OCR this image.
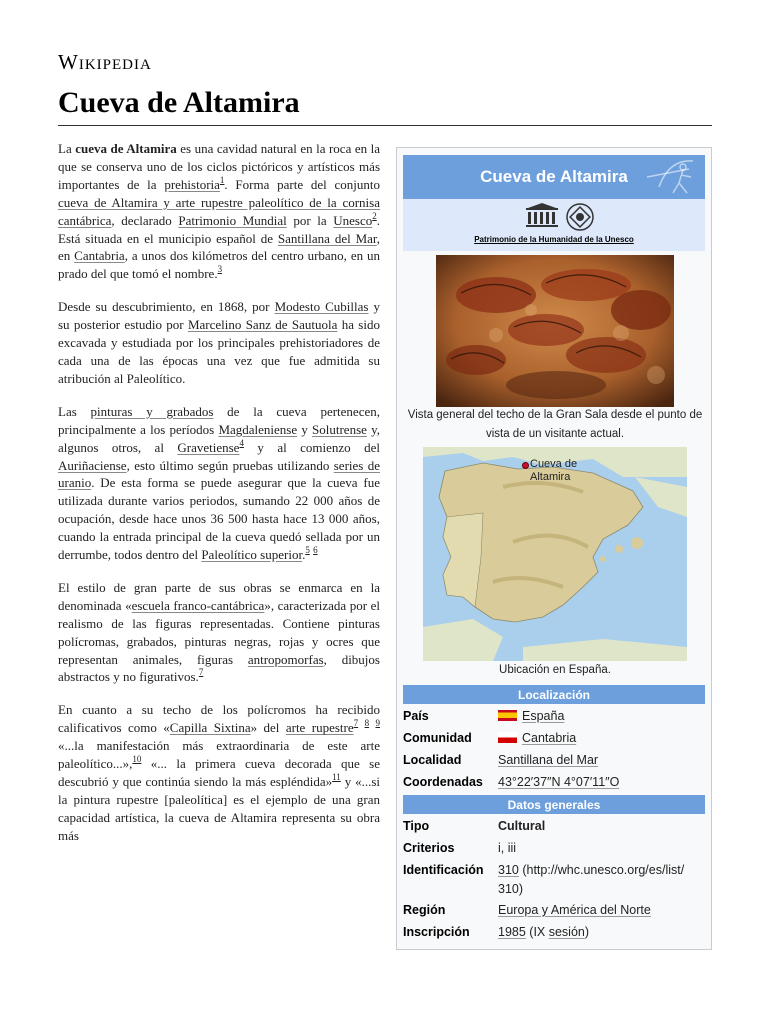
Wikipedia
Cueva de Altamira

La cueva de Altamira es una cavidad natural en la roca en la que se conserva uno de los ciclos pictóricos y artísticos más importantes de la prehistoria$^1$. Forma parte del conjunto cueva de Altamira y arte rupestre paleolítico de la cornisa cantábrica, declarado Patrimonio Mundial por la Unesco$^2$. Está situada en el municipio español de Santillana del Mar, en Cantabria, a unos dos kilómetros del centro urbano, en un prado del que tomó el nombre.$^3$

Desde su descubrimiento, en 1868, por Modesto Cubillas y su posterior estudio por Marcelino Sanz de Sautuola ha sido excavada y estudiada por los principales prehistoriadores de cada una de las épocas una vez que fue admitida su atribución al Paleolítico.

Las pinturas y grabados de la cueva pertenecen, principalmente a los períodos Magdaleniense y Solutrense y, algunos otros, al Gravetiense$^4$ y al comienzo del Auriñaciense, esto último según pruebas utilizando series de uranio. De esta forma se puede asegurar que la cueva fue utilizada durante varios periodos, sumando 22 000 años de ocupación, desde hace unos 36 500 hasta hace 13 000 años, cuando la entrada principal de la cueva quedó sellada por un derrumbe, todos dentro del Paleolítico superior.$^5$ $^6$

El estilo de gran parte de sus obras se enmarca en la denominada «escuela franco-cantábrica», caracterizada por el realismo de las figuras representadas. Contiene pinturas polícromas, grabados, pinturas negras, rojas y ocres que representan animales, figuras antropomorfas, dibujos abstractos y no figurativos.$^7$

En cuanto a su techo de los polícromos ha recibido calificativos como «Capilla Sixtina» del arte rupestre$^7$ $^8$ $^9$ «...la manifestación más extraordinaria de este arte paleolítico...»,$^{10}$ «... la primera cueva decorada que se descubrió y que continúa siendo la más espléndida»$^{11}$ y «...si la pintura rupestre [paleolítica] es el ejemplo de una gran capacidad artística, la cueva de Altamira representa su obra más

Cueva de Altamira
Patrimonio de la Humanidad de la Unesco
Vista general del techo de la Gran Sala desde el punto de vista de un visitante actual.
Cueva de Altamira
Ubicación en España.
Localización
País	España
Comunidad	Cantabria
Localidad	Santillana del Mar
Coordenadas	43°22′37″N 4°07′11″O
Datos generales
Tipo	Cultural
Criterios	i, iii
Identificación	310 (http://whc.unesco.org/es/list/ 310)
Región	Europa y América del Norte
Inscripción	1985 (IX sesión)
